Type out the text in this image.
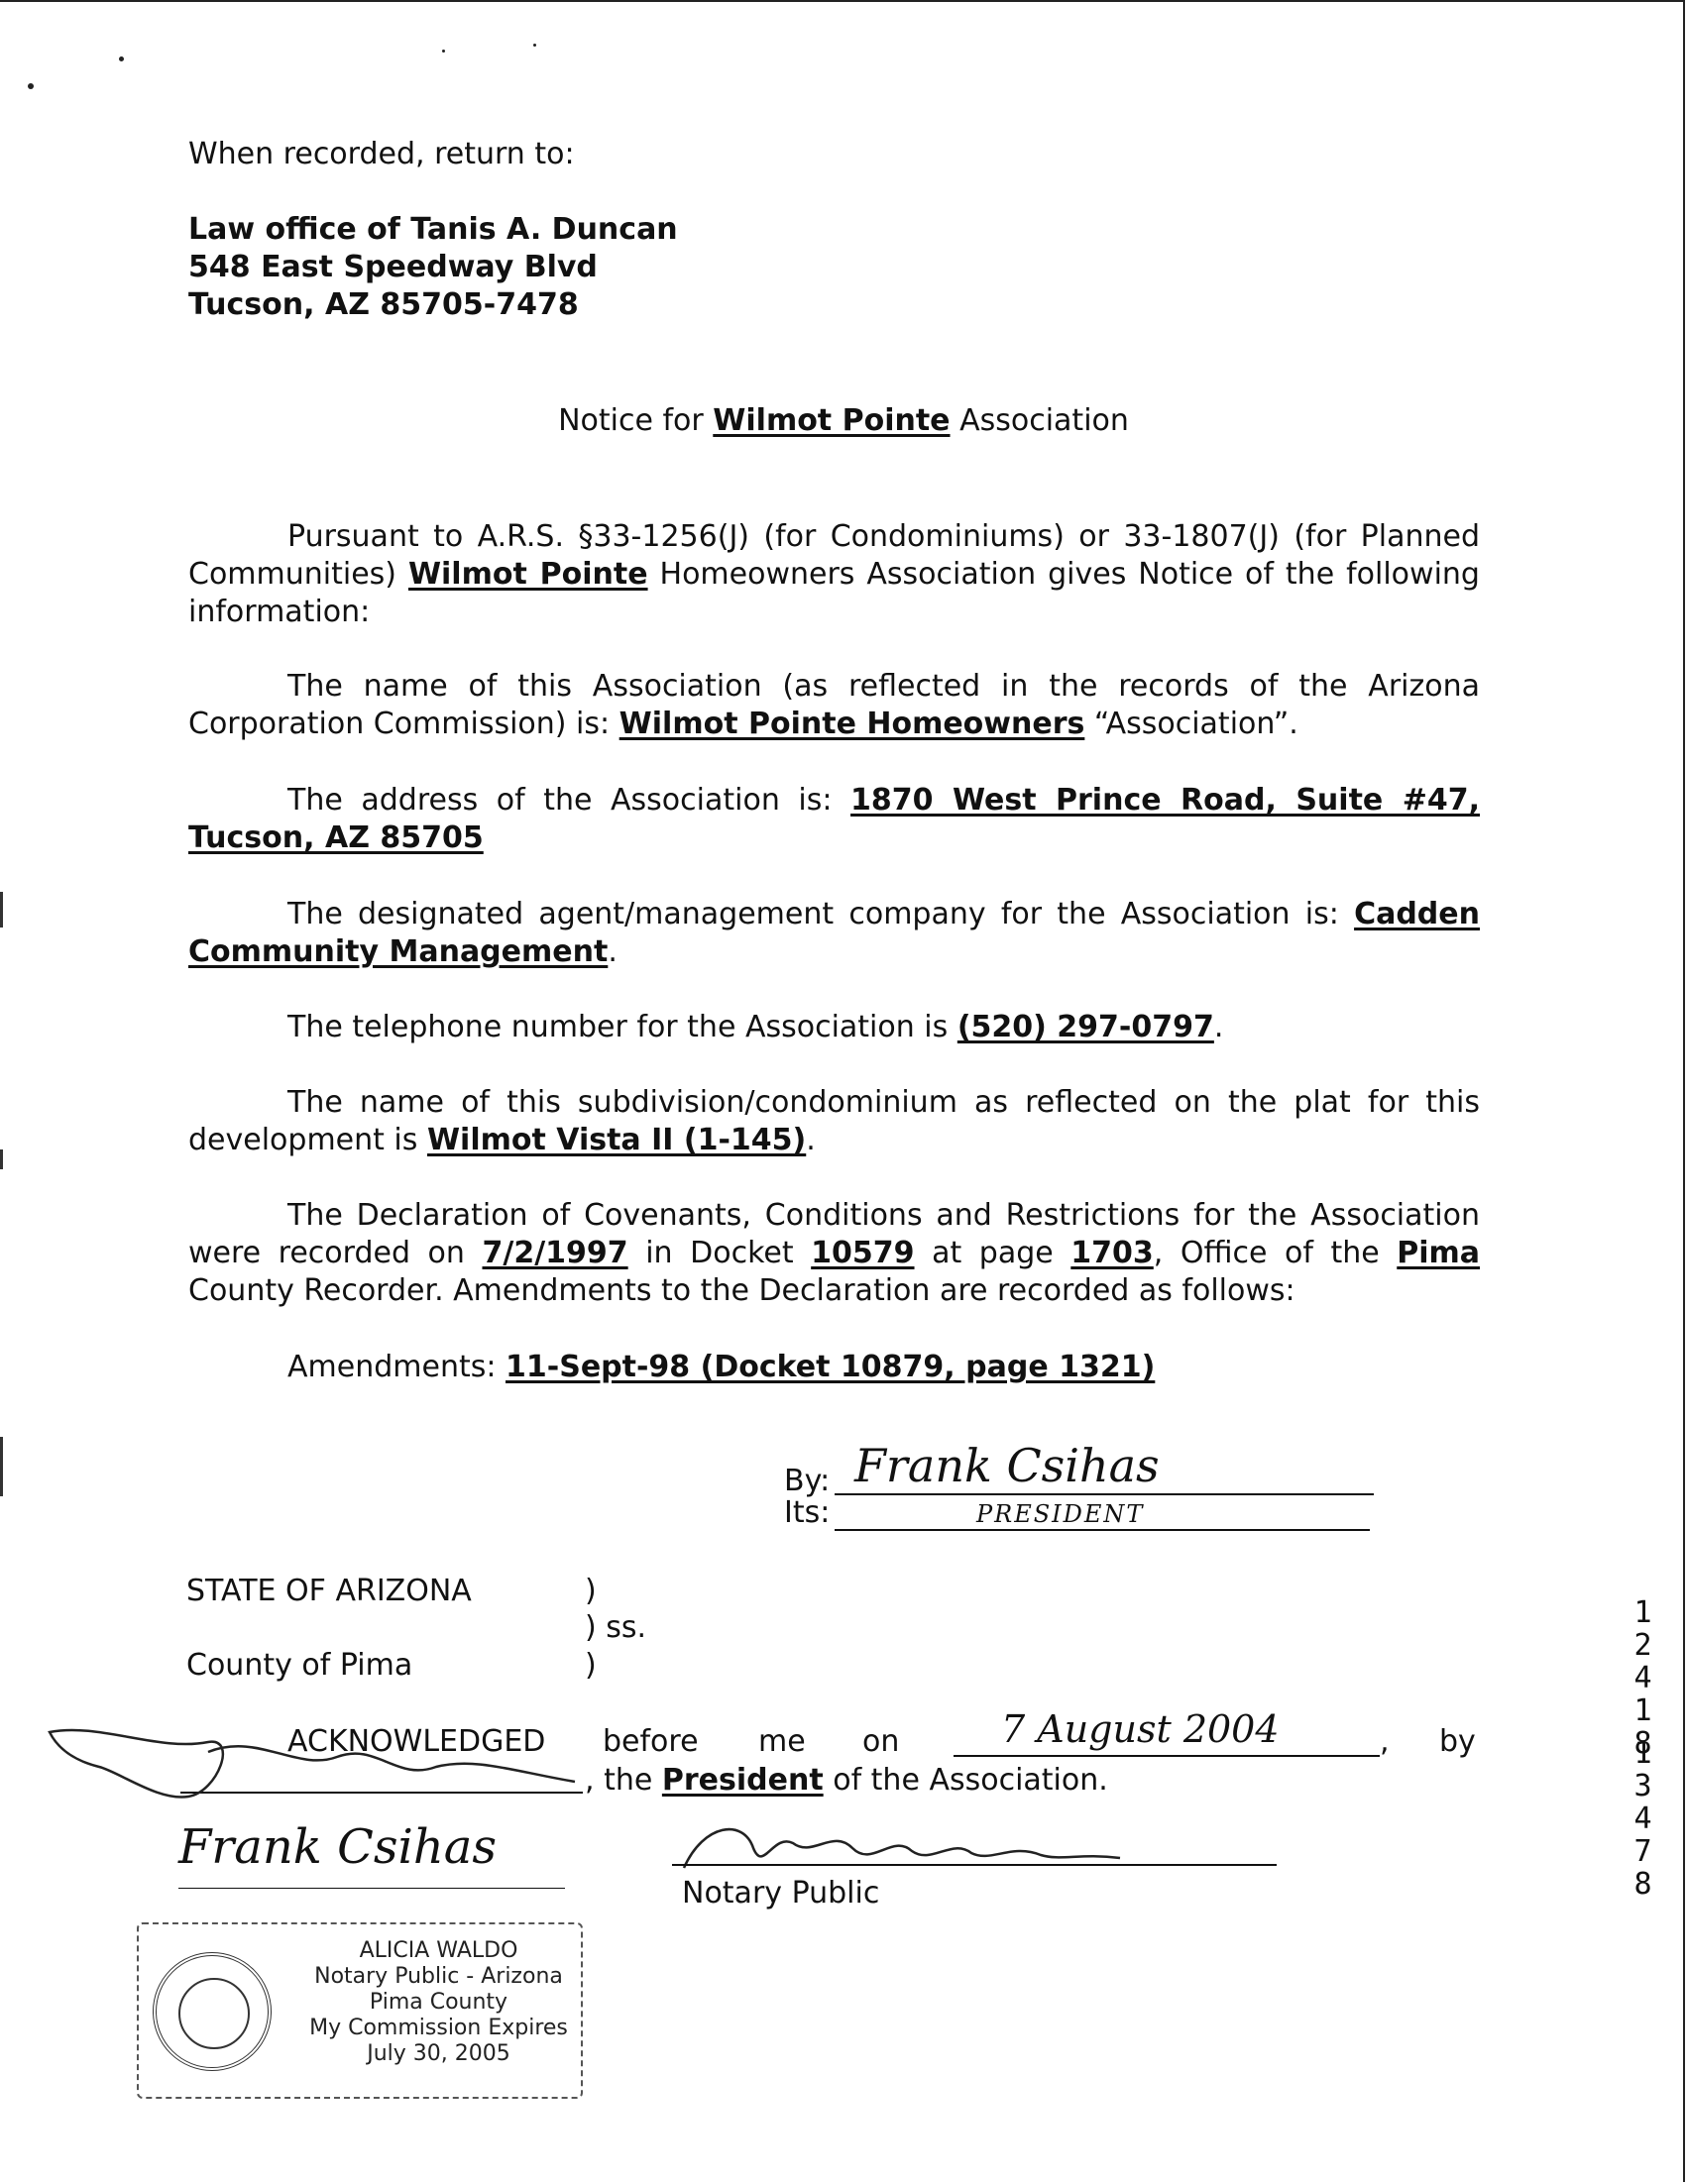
When recorded, return to:
Law office of Tanis A. Duncan
548 East Speedway Blvd
Tucson, AZ 85705-7478
Notice for Wilmot Pointe Association
Pursuant to A.R.S. §33-1256(J) (for Condominiums) or 33-1807(J) (for Planned Communities) Wilmot Pointe Homeowners Association gives Notice of the following information:
The name of this Association (as reflected in the records of the Arizona Corporation Commission) is: Wilmot Pointe Homeowners “Association”.
The address of the Association is: 1870 West Prince Road, Suite #47, Tucson, AZ 85705
The designated agent/management company for the Association is: Cadden Community Management.
The telephone number for the Association is (520) 297-0797.
The name of this subdivision/condominium as reflected on the plat for this development is Wilmot Vista II (1-145).
The Declaration of Covenants, Conditions and Restrictions for the Association were recorded on 7/2/1997 in Docket 10579 at page 1703, Office of the Pima County Recorder. Amendments to the Declaration are recorded as follows:
Amendments: 11-Sept-98 (Docket 10879, page 1321)
By: Frank Csihas
Its:	PRESIDENT
STATE OF ARIZONA	)
) ss.
County of Pima	)
ACKNOWLEDGED before me on	7 August 2004	, by
, the President of the Association.
Frank Csihas
Notary Public
ALICIA WALDO
Notary Public - Arizona
Pima County
My Commission Expires
July 30, 2005
12418
13478
